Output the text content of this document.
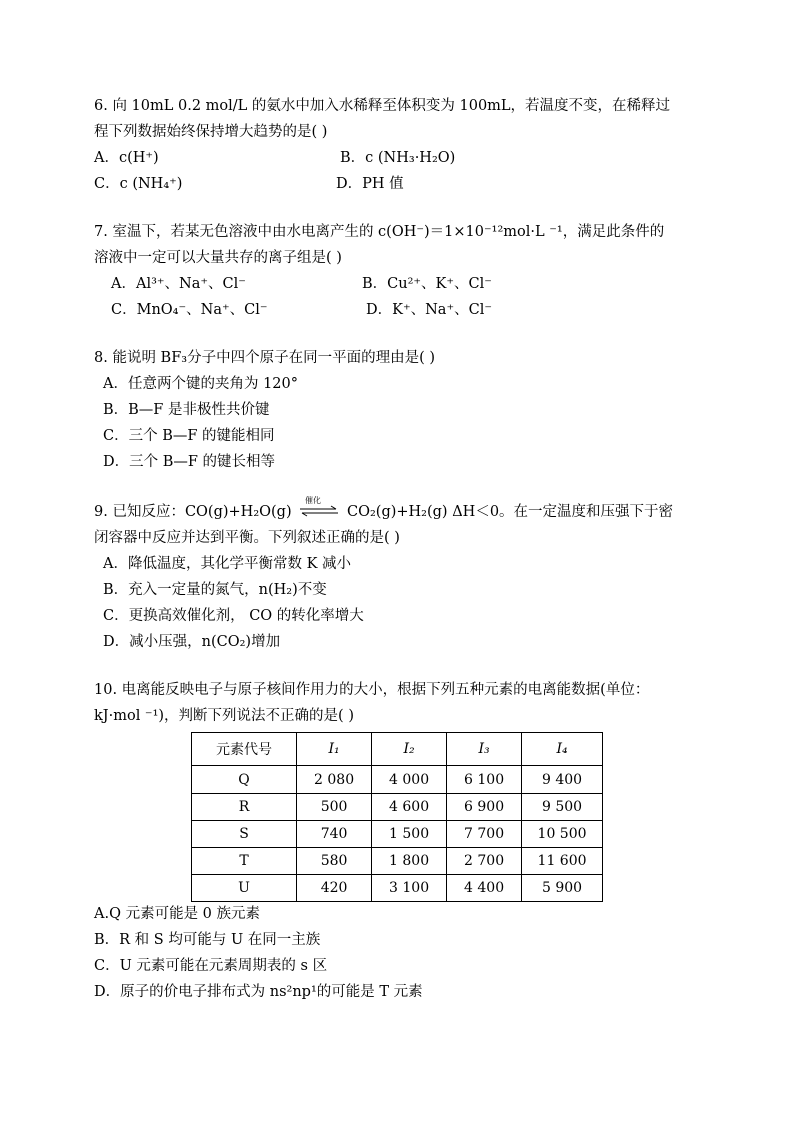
6. 向 10mL 0.2 mol/L 的氨水中加入水稀释至体积变为 100mL，若温度不变，在稀释过
程下列数据始终保持增大趋势的是( )
A．c(H⁺)	B．c (NH₃·H₂O)
C．c (NH₄⁺)	D．PH 值
7. 室温下，若某无色溶液中由水电离产生的 c(OH⁻)＝1×10⁻¹²mol·L ⁻¹，满足此条件的
溶液中一定可以大量共存的离子组是( )
A．Al³⁺、Na⁺、Cl⁻	B．Cu²⁺、K⁺、Cl⁻
C．MnO₄⁻、Na⁺、Cl⁻	D．K⁺、Na⁺、Cl⁻
8. 能说明 BF₃分子中四个原子在同一平面的理由是( )
A．任意两个键的夹角为 120°
B．B—F 是非极性共价键
C．三个 B—F 的键能相同
D．三个 B—F 的键长相等
9. 已知反应：CO(g)+H₂O(g)
催化
CO₂(g)+H₂(g) ΔH＜0。在一定温度和压强下于密
闭容器中反应并达到平衡。下列叙述正确的是( )
A．降低温度，其化学平衡常数 K 减小
B．充入一定量的氮气，n(H₂)不变
C．更换高效催化剂， CO 的转化率增大
D．减小压强，n(CO₂)增加
10. 电离能反映电子与原子核间作用力的大小，根据下列五种元素的电离能数据(单位：
kJ·mol ⁻¹)，判断下列说法不正确的是( )
元素代号	I₁	I₂	I₃	I₄
Q	2 080	4 000	6 100	9 400
R	500	4 600	6 900	9 500
S	740	1 500	7 700	10 500
T	580	1 800	2 700	11 600
U	420	3 100	4 400	5 900
A.Q 元素可能是 0 族元素
B．R 和 S 均可能与 U 在同一主族
C．U 元素可能在元素周期表的 s 区
D．原子的价电子排布式为 ns²np¹的可能是 T 元素
